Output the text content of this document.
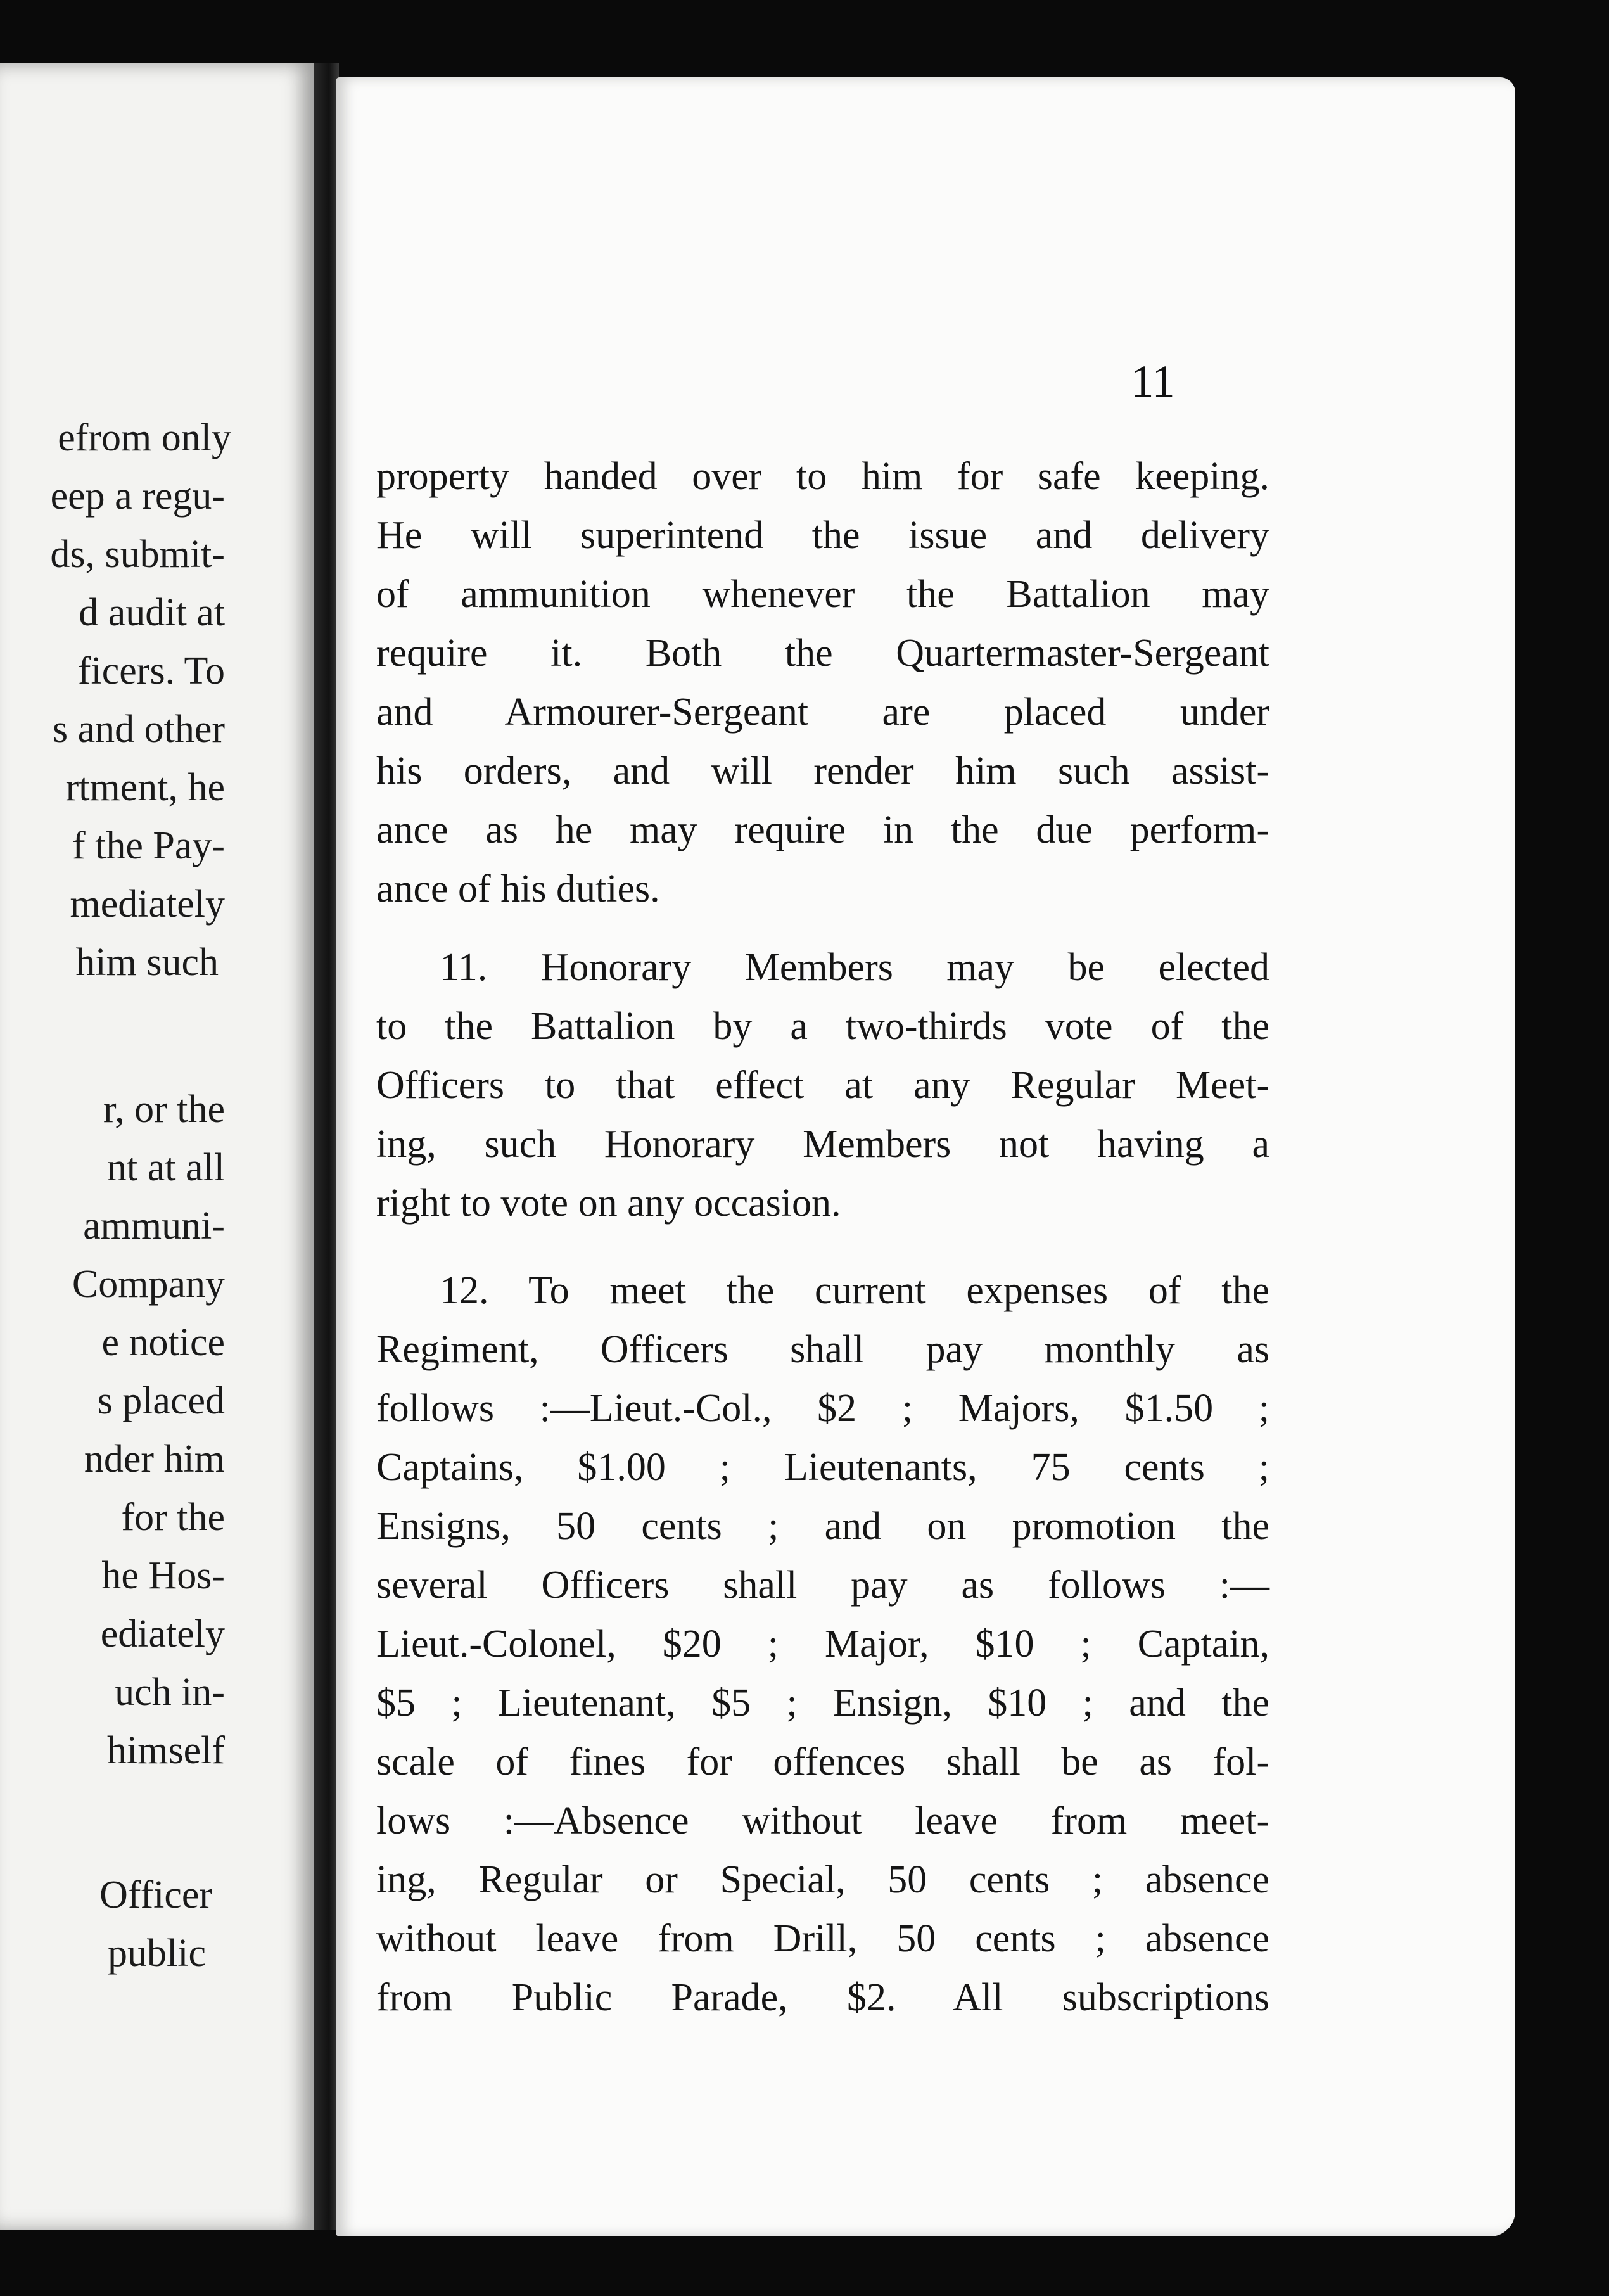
efrom only
eep a regu-
ds, submit-
d audit at
ficers. To
s and other
rtment, he
f the Pay-
mediately
him such
r, or the
nt at all
ammuni-
Company
e notice
s placed
nder him
for the
he Hos-
ediately
uch in-
himself
Officer
public
11
property handed over to him for safe keeping.
He will superintend the issue and delivery
of ammunition whenever the Battalion may
require it. Both the Quartermaster-Sergeant
and Armourer-Sergeant are placed under
his orders, and will render him such assist-
ance as he may require in the due perform-
ance of his duties.
11. Honorary Members may be elected
to the Battalion by a two-thirds vote of the
Officers to that effect at any Regular Meet-
ing, such Honorary Members not having a
right to vote on any occasion.
12. To meet the current expenses of the
Regiment, Officers shall pay monthly as
follows :—Lieut.-Col., $2 ; Majors, $1.50 ;
Captains, $1.00 ; Lieutenants, 75 cents ;
Ensigns, 50 cents ; and on promotion the
several Officers shall pay as follows :—
Lieut.-Colonel, $20 ; Major, $10 ; Captain,
$5 ; Lieutenant, $5 ; Ensign, $10 ; and the
scale of fines for offences shall be as fol-
lows :—Absence without leave from meet-
ing, Regular or Special, 50 cents ; absence
without leave from Drill, 50 cents ; absence
from Public Parade, $2. All subscriptions
